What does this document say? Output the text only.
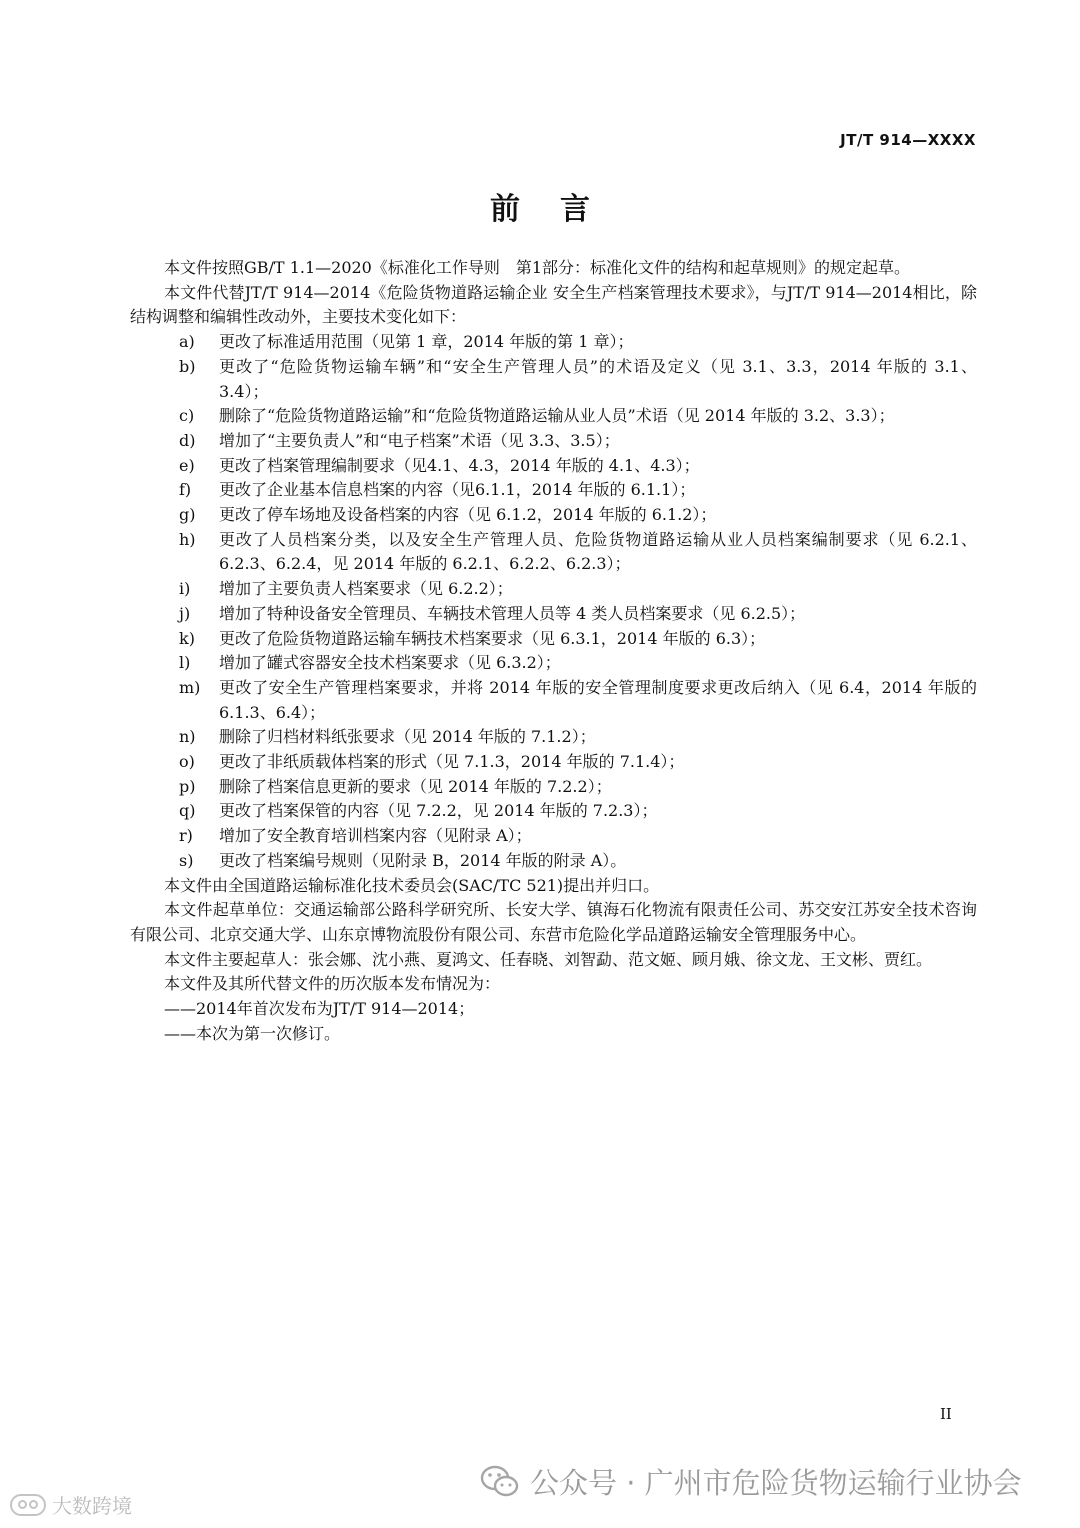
JT/T 914—XXXX
前言

本文件按照GB/T 1.1—2020《标准化工作导则　第1部分：标准化文件的结构和起草规则》的规定起草。

本文件代替JT/T 914—2014《危险货物道路运输企业 安全生产档案管理技术要求》，与JT/T 914—2014相比，除结构调整和编辑性改动外，主要技术变化如下：

a)	更改了标准适用范围（见第 1 章，2014 年版的第 1 章）；
b)	更改了“危险货物运输车辆”和“安全生产管理人员”的术语及定义（见 3.1、3.3，2014 年版的 3.1、3.4）；
c)	删除了“危险货物道路运输”和“危险货物道路运输从业人员”术语（见 2014 年版的 3.2、3.3）；
d)	增加了“主要负责人”和“电子档案”术语（见 3.3、3.5）；
e)	更改了档案管理编制要求（见4.1、4.3，2014 年版的 4.1、4.3）；
f)	更改了企业基本信息档案的内容（见6.1.1，2014 年版的 6.1.1）；
g)	更改了停车场地及设备档案的内容（见 6.1.2，2014 年版的 6.1.2）；
h)	更改了人员档案分类，以及安全生产管理人员、危险货物道路运输从业人员档案编制要求（见 6.2.1、6.2.3、6.2.4，见 2014 年版的 6.2.1、6.2.2、6.2.3）；
i)	增加了主要负责人档案要求（见 6.2.2）；
j)	增加了特种设备安全管理员、车辆技术管理人员等 4 类人员档案要求（见 6.2.5）；
k)	更改了危险货物道路运输车辆技术档案要求（见 6.3.1，2014 年版的 6.3）；
l)	增加了罐式容器安全技术档案要求（见 6.3.2）；
m)	更改了安全生产管理档案要求，并将 2014 年版的安全管理制度要求更改后纳入（见 6.4，2014 年版的 6.1.3、6.4）；
n)	删除了归档材料纸张要求（见 2014 年版的 7.1.2）；
o)	更改了非纸质载体档案的形式（见 7.1.3，2014 年版的 7.1.4）；
p)	删除了档案信息更新的要求（见 2014 年版的 7.2.2）；
q)	更改了档案保管的内容（见 7.2.2，见 2014 年版的 7.2.3）；
r)	增加了安全教育培训档案内容（见附录 A）；
s)	更改了档案编号规则（见附录 B，2014 年版的附录 A）。

本文件由全国道路运输标准化技术委员会(SAC/TC 521)提出并归口。

本文件起草单位：交通运输部公路科学研究所、长安大学、镇海石化物流有限责任公司、苏交安江苏安全技术咨询有限公司、北京交通大学、山东京博物流股份有限公司、东营市危险化学品道路运输安全管理服务中心。

本文件主要起草人：张会娜、沈小燕、夏鸿文、任春晓、刘智勐、范文姬、顾月娥、徐文龙、王文彬、贾红。

本文件及其所代替文件的历次版本发布情况为：

——2014年首次发布为JT/T 914—2014；

——本次为第一次修订。

II
大数跨境
公众号 · 广州市危险货物运输行业协会
